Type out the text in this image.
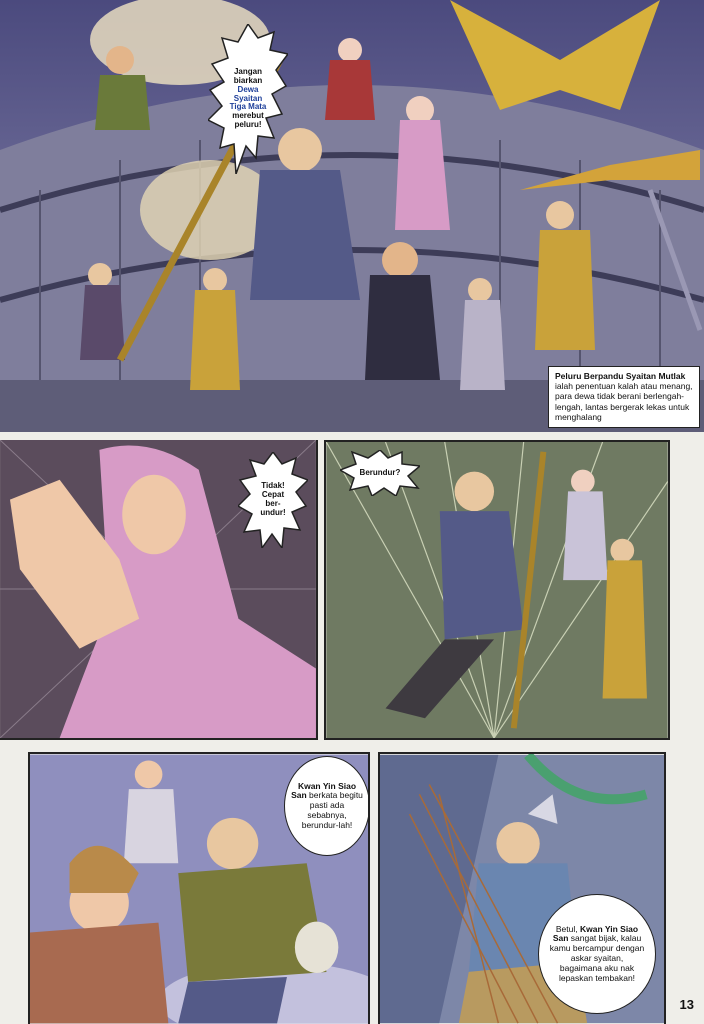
Jangan
biarkan
Dewa
Syaitan
Tiga Mata
merebut
peluru!
Peluru Berpandu Syaitan Mutlak ialah penentuan kalah atau menang, para dewa tidak berani berlengah-lengah, lantas bergerak lekas untuk menghalang
Tidak!
Cepat
ber-
undur!
Berundur?
Kwan Yin Siao San berkata begitu pasti ada sebabnya, berundur-lah!
Betul, Kwan Yin Siao San sangat bijak, kalau kamu bercampur dengan askar syaitan, bagaimana aku nak lepaskan tembakan!
13
